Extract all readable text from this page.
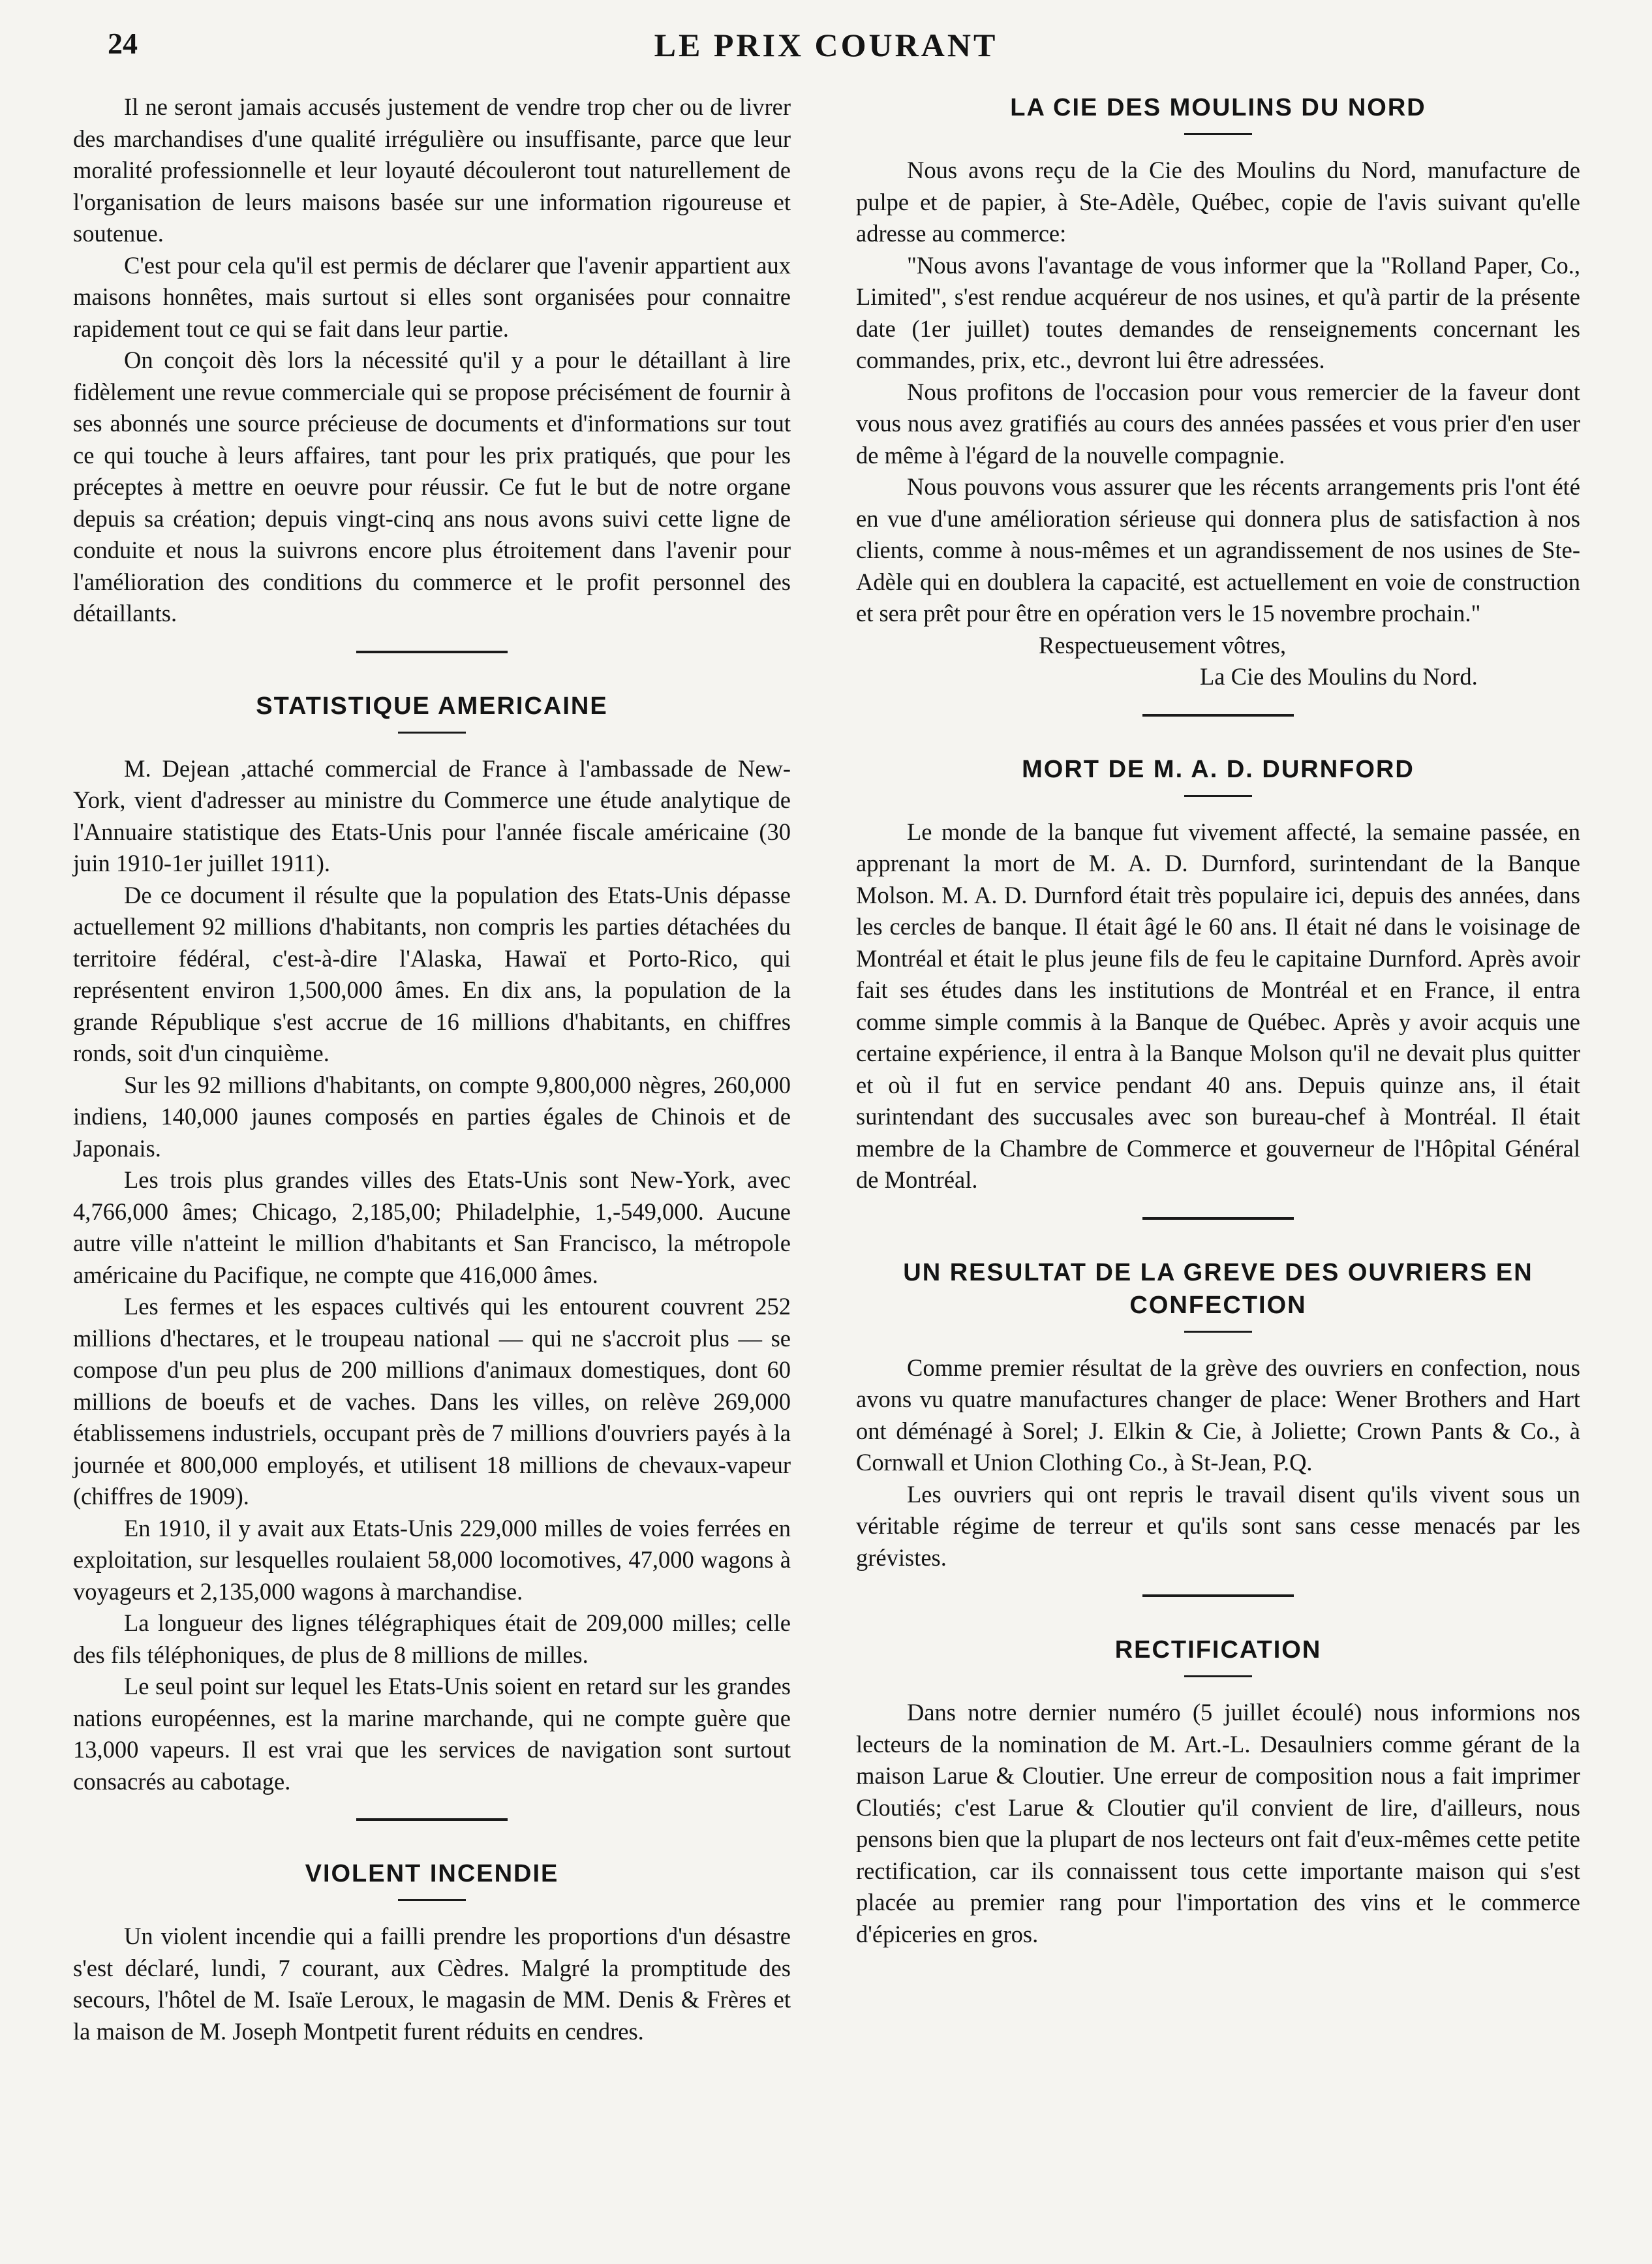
LE PRIX COURANT
24

Il ne seront jamais accusés justement de vendre trop cher ou de livrer des marchandises d'une qualité irrégulière ou insuffisante, parce que leur moralité professionnelle et leur loyauté découleront tout naturellement de l'organisation de leurs maisons basée sur une information rigoureuse et soutenue.

C'est pour cela qu'il est permis de déclarer que l'avenir appartient aux maisons honnêtes, mais surtout si elles sont organisées pour connaitre rapidement tout ce qui se fait dans leur partie.

On conçoit dès lors la nécessité qu'il y a pour le détaillant à lire fidèlement une revue commerciale qui se propose précisément de fournir à ses abonnés une source précieuse de documents et d'informations sur tout ce qui touche à leurs affaires, tant pour les prix pratiqués, que pour les préceptes à mettre en oeuvre pour réussir. Ce fut le but de notre organe depuis sa création; depuis vingt-cinq ans nous avons suivi cette ligne de conduite et nous la suivrons encore plus étroitement dans l'avenir pour l'amélioration des conditions du commerce et le profit personnel des détaillants.

STATISTIQUE AMERICAINE

M. Dejean ,attaché commercial de France à l'ambassade de New-York, vient d'adresser au ministre du Commerce une étude analytique de l'Annuaire statistique des Etats-Unis pour l'année fiscale américaine (30 juin 1910-1er juillet 1911).

De ce document il résulte que la population des Etats-Unis dépasse actuellement 92 millions d'habitants, non compris les parties détachées du territoire fédéral, c'est-à-dire l'Alaska, Hawaï et Porto-Rico, qui représentent environ 1,500,000 âmes. En dix ans, la population de la grande République s'est accrue de 16 millions d'habitants, en chiffres ronds, soit d'un cinquième.

Sur les 92 millions d'habitants, on compte 9,800,000 nègres, 260,000 indiens, 140,000 jaunes composés en parties égales de Chinois et de Japonais.

Les trois plus grandes villes des Etats-Unis sont New-York, avec 4,766,000 âmes; Chicago, 2,185,00; Philadelphie, 1,-549,000. Aucune autre ville n'atteint le million d'habitants et San Francisco, la métropole américaine du Pacifique, ne compte que 416,000 âmes.

Les fermes et les espaces cultivés qui les entourent couvrent 252 millions d'hectares, et le troupeau national — qui ne s'accroit plus — se compose d'un peu plus de 200 millions d'animaux domestiques, dont 60 millions de boeufs et de vaches. Dans les villes, on relève 269,000 établissemens industriels, occupant près de 7 millions d'ouvriers payés à la journée et 800,000 employés, et utilisent 18 millions de chevaux-vapeur (chiffres de 1909).

En 1910, il y avait aux Etats-Unis 229,000 milles de voies ferrées en exploitation, sur lesquelles roulaient 58,000 locomotives, 47,000 wagons à voyageurs et 2,135,000 wagons à marchandise.

La longueur des lignes télégraphiques était de 209,000 milles; celle des fils téléphoniques, de plus de 8 millions de milles.

Le seul point sur lequel les Etats-Unis soient en retard sur les grandes nations européennes, est la marine marchande, qui ne compte guère que 13,000 vapeurs. Il est vrai que les services de navigation sont surtout consacrés au cabotage.

VIOLENT INCENDIE

Un violent incendie qui a failli prendre les proportions d'un désastre s'est déclaré, lundi, 7 courant, aux Cèdres. Malgré la promptitude des secours, l'hôtel de M. Isaïe Leroux, le magasin de MM. Denis & Frères et la maison de M. Joseph Montpetit furent réduits en cendres.

LA CIE DES MOULINS DU NORD

Nous avons reçu de la Cie des Moulins du Nord, manufacture de pulpe et de papier, à Ste-Adèle, Québec, copie de l'avis suivant qu'elle adresse au commerce:

"Nous avons l'avantage de vous informer que la "Rolland Paper, Co., Limited", s'est rendue acquéreur de nos usines, et qu'à partir de la présente date (1er juillet) toutes demandes de renseignements concernant les commandes, prix, etc., devront lui être adressées.

Nous profitons de l'occasion pour vous remercier de la faveur dont vous nous avez gratifiés au cours des années passées et vous prier d'en user de même à l'égard de la nouvelle compagnie.

Nous pouvons vous assurer que les récents arrangements pris l'ont été en vue d'une amélioration sérieuse qui donnera plus de satisfaction à nos clients, comme à nous-mêmes et un agrandissement de nos usines de Ste-Adèle qui en doublera la capacité, est actuellement en voie de construction et sera prêt pour être en opération vers le 15 novembre prochain."

Respectueusement vôtres,

La Cie des Moulins du Nord.

MORT DE M. A. D. DURNFORD

Le monde de la banque fut vivement affecté, la semaine passée, en apprenant la mort de M. A. D. Durnford, surintendant de la Banque Molson. M. A. D. Durnford était très populaire ici, depuis des années, dans les cercles de banque. Il était âgé le 60 ans. Il était né dans le voisinage de Montréal et était le plus jeune fils de feu le capitaine Durnford. Après avoir fait ses études dans les institutions de Montréal et en France, il entra comme simple commis à la Banque de Québec. Après y avoir acquis une certaine expérience, il entra à la Banque Molson qu'il ne devait plus quitter et où il fut en service pendant 40 ans. Depuis quinze ans, il était surintendant des succusales avec son bureau-chef à Montréal. Il était membre de la Chambre de Commerce et gouverneur de l'Hôpital Général de Montréal.

UN RESULTAT DE LA GREVE DES OUVRIERS EN CONFECTION

Comme premier résultat de la grève des ouvriers en confection, nous avons vu quatre manufactures changer de place: Wener Brothers and Hart ont déménagé à Sorel; J. Elkin & Cie, à Joliette; Crown Pants & Co., à Cornwall et Union Clothing Co., à St-Jean, P.Q.

Les ouvriers qui ont repris le travail disent qu'ils vivent sous un véritable régime de terreur et qu'ils sont sans cesse menacés par les grévistes.

RECTIFICATION

Dans notre dernier numéro (5 juillet écoulé) nous informions nos lecteurs de la nomination de M. Art.-L. Desaulniers comme gérant de la maison Larue & Cloutier. Une erreur de composition nous a fait imprimer Cloutiés; c'est Larue & Cloutier qu'il convient de lire, d'ailleurs, nous pensons bien que la plupart de nos lecteurs ont fait d'eux-mêmes cette petite rectification, car ils connaissent tous cette importante maison qui s'est placée au premier rang pour l'importation des vins et le commerce d'épiceries en gros.
